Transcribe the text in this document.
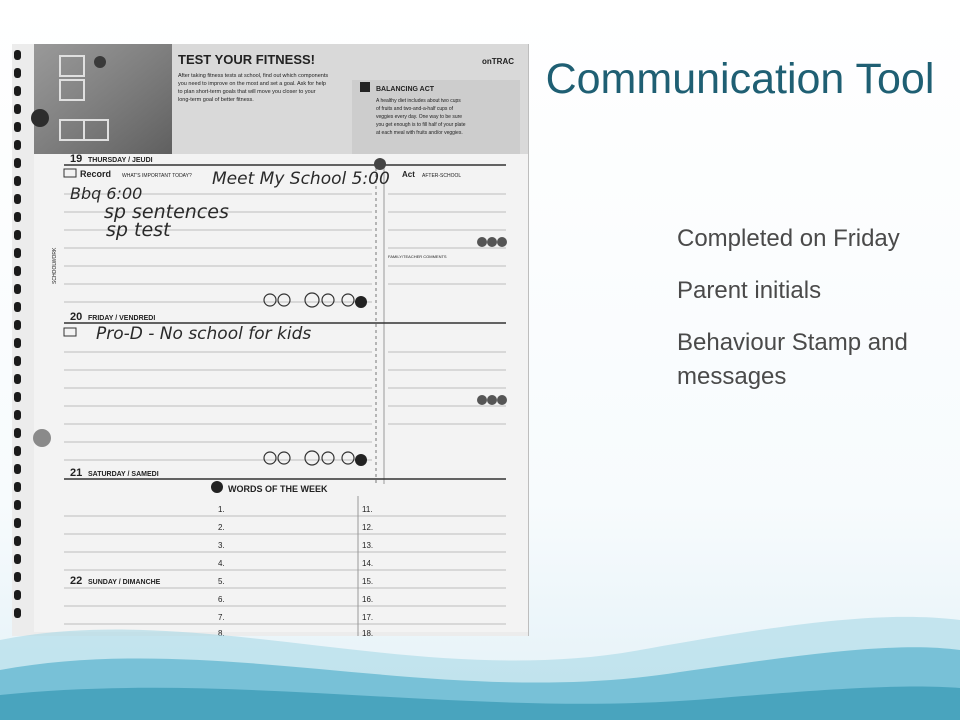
TEST YOUR FITNESS!	onTRAC
After taking fitness tests at school, find out which components
you need to improve on the most and set a goal. Ask for help
to plan short-term goals that will move you closer to your
long-term goal of better fitness.
BALANCING ACT
A healthy diet includes about two cups
of fruits and two-and-a-half cups of
veggies every day. One way to be sure
you get enough is to fill half of your plate
at each meal with fruits and/or veggies.
19 THURSDAY / JEUDI
Record WHAT'S IMPORTANT TODAY?	Act AFTER-SCHOOL
FAMILY/TEACHER COMMENTS
SCHOOLWORK
Meet My School 5:00
Bbq 6:00
sp sentences
sp test
20 FRIDAY / VENDREDI
Pro-D - No school for kids
21 SATURDAY / SAMEDI
WORDS OF THE WEEK
1.
2.
3.
4.
5.
6.
7.
8.
11.
12.
13.
14.
15.
16.
17.
18.
22 SUNDAY / DIMANCHE
Communication Tool
Completed on Friday
Parent initials
Behaviour Stamp and messages
